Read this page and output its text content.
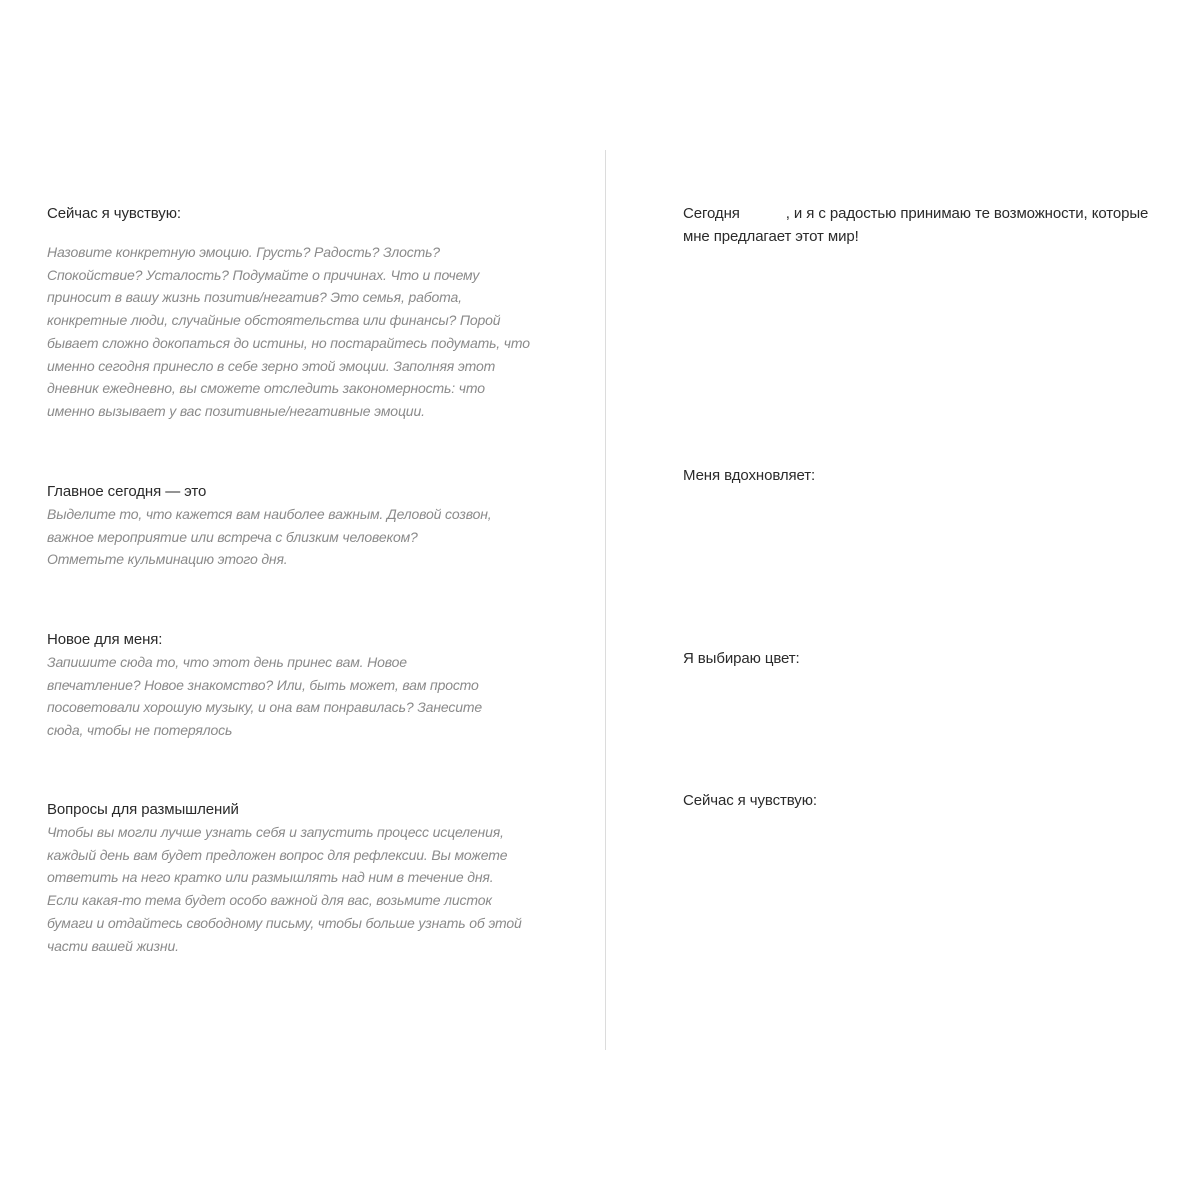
Сейчас я чувствую:

Назовите конкретную эмоцию. Грусть? Радость? Злость? Спокойствие? Усталость? Подумайте о причинах. Что и почему приносит в вашу жизнь позитив/негатив? Это семья, работа, конкретные люди, случайные обстоятельства или финансы? Порой бывает сложно докопаться до истины, но постарайтесь подумать, что именно сегодня принесло в себе зерно этой эмоции. Заполняя этот дневник ежедневно, вы сможете отследить закономерность: что именно вызывает у вас позитивные/негативные эмоции.

Главное сегодня — это

Выделите то, что кажется вам наиболее важным. Деловой созвон, важное мероприятие или встреча с близким человеком? Отметьте кульминацию этого дня.

Новое для меня:

Запишите сюда то, что этот день принес вам. Новое впечатление? Новое знакомство? Или, быть может, вам просто посоветовали хорошую музыку, и она вам понравилась? Занесите сюда, чтобы не потерялось

Вопросы для размышлений

Чтобы вы могли лучше узнать себя и запустить процесс исцеления, каждый день вам будет предложен вопрос для рефлексии. Вы можете ответить на него кратко или размышлять над ним в течение дня. Если какая-то тема будет особо важной для вас, возьмите листок бумаги и отдайтесь свободному письму, чтобы больше узнать об этой части вашей жизни.

Сегодня	, и я с радостью принимаю те возможности, которые мне предлагает этот мир!

Меня вдохновляет:

Я выбираю цвет:

Сейчас я чувствую:
